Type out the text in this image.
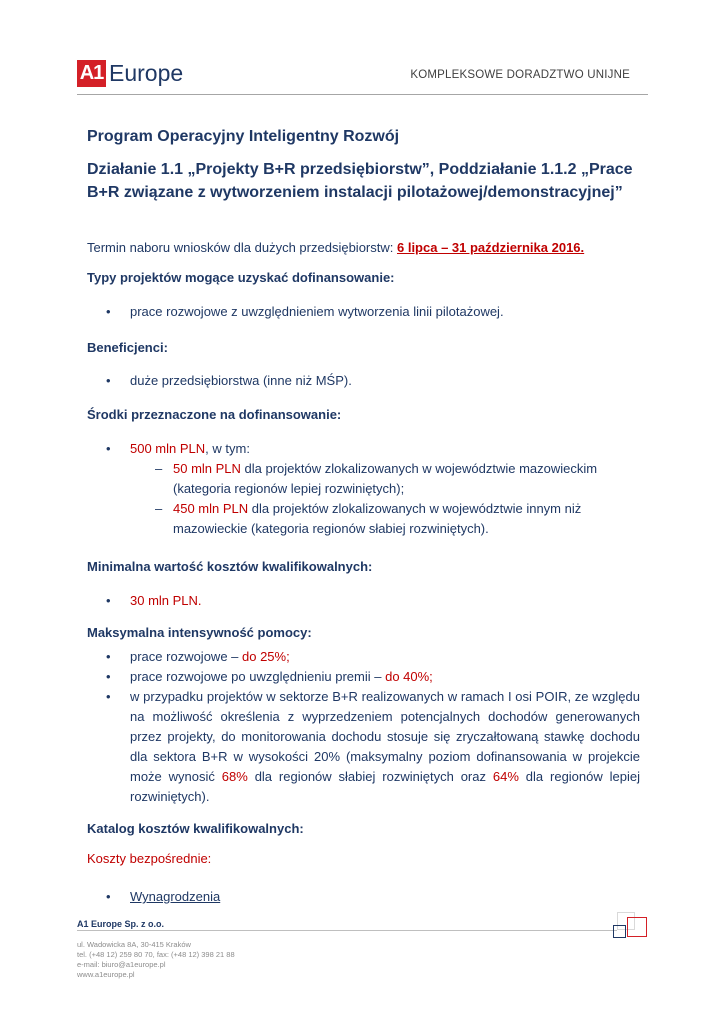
A1 Europe	KOMPLEKSOWE DORADZTWO UNIJNE

Program Operacyjny Inteligentny Rozwój

Działanie 1.1 „Projekty B+R przedsiębiorstw”, Poddziałanie 1.1.2 „Prace

B+R związane z wytworzeniem instalacji pilotażowej/demonstracyjnej”

Termin naboru wniosków dla dużych przedsiębiorstw: 6 lipca – 31 października 2016.

Typy projektów mogące uzyskać dofinansowanie:

• prace rozwojowe z uwzględnieniem wytworzenia linii pilotażowej.

Beneficjenci:

• duże przedsiębiorstwa (inne niż MŚP).

Środki przeznaczone na dofinansowanie:

• 500 mln PLN, w tym:
– 50 mln PLN dla projektów zlokalizowanych w województwie mazowieckim
(kategoria regionów lepiej rozwiniętych);
– 450 mln PLN dla projektów zlokalizowanych w województwie innym niż
mazowieckie (kategoria regionów słabiej rozwiniętych).

Minimalna wartość kosztów kwalifikowalnych:

• 30 mln PLN.

Maksymalna intensywność pomocy:

• prace rozwojowe – do 25%;
• prace rozwojowe po uwzględnieniu premii – do 40%;
• w przypadku projektów w sektorze B+R realizowanych w ramach I osi POIR, ze względu na możliwość określenia z wyprzedzeniem potencjalnych dochodów generowanych przez projekty, do monitorowania dochodu stosuje się zryczałtowaną stawkę dochodu dla sektora B+R w wysokości 20% (maksymalny poziom dofinansowania w projekcie może wynosić 68% dla regionów słabiej rozwiniętych oraz 64% dla regionów lepiej rozwiniętych).

Katalog kosztów kwalifikowalnych:

Koszty bezpośrednie:

• Wynagrodzenia
A1 Europe Sp. z o.o.
ul. Wadowicka 8A, 30-415 Kraków
tel. (+48 12) 259 80 70, fax: (+48 12) 398 21 88
e-mail: biuro@a1europe.pl
www.a1europe.pl
